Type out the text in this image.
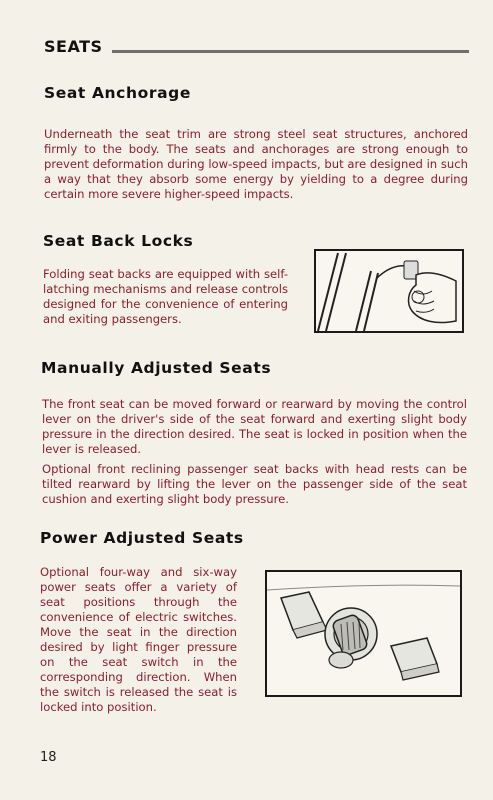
SEATS
Seat Anchorage

Underneath the seat trim are strong steel seat structures, anchored firmly to the body. The seats and anchorages are strong enough to prevent deformation during low-speed impacts, but are designed in such a way that they absorb some energy by yielding to a degree during certain more severe higher-speed impacts.

Seat Back Locks

Folding seat backs are equipped with self-latching mechanisms and release controls designed for the convenience of entering and exiting passengers.

Manually Adjusted Seats

The front seat can be moved forward or rearward by moving the control lever on the driver's side of the seat forward and exerting slight body pressure in the direction desired. The seat is locked in position when the lever is released.

Optional front reclining passenger seat backs with head rests can be tilted rearward by lifting the lever on the passenger side of the seat cushion and exerting slight body pressure.

Power Adjusted Seats

Optional four-way and six-way power seats offer a variety of seat positions through the convenience of electric switches. Move the seat in the direction desired by light finger pressure on the seat switch in the corresponding direction. When the switch is released the seat is locked into position.

18
